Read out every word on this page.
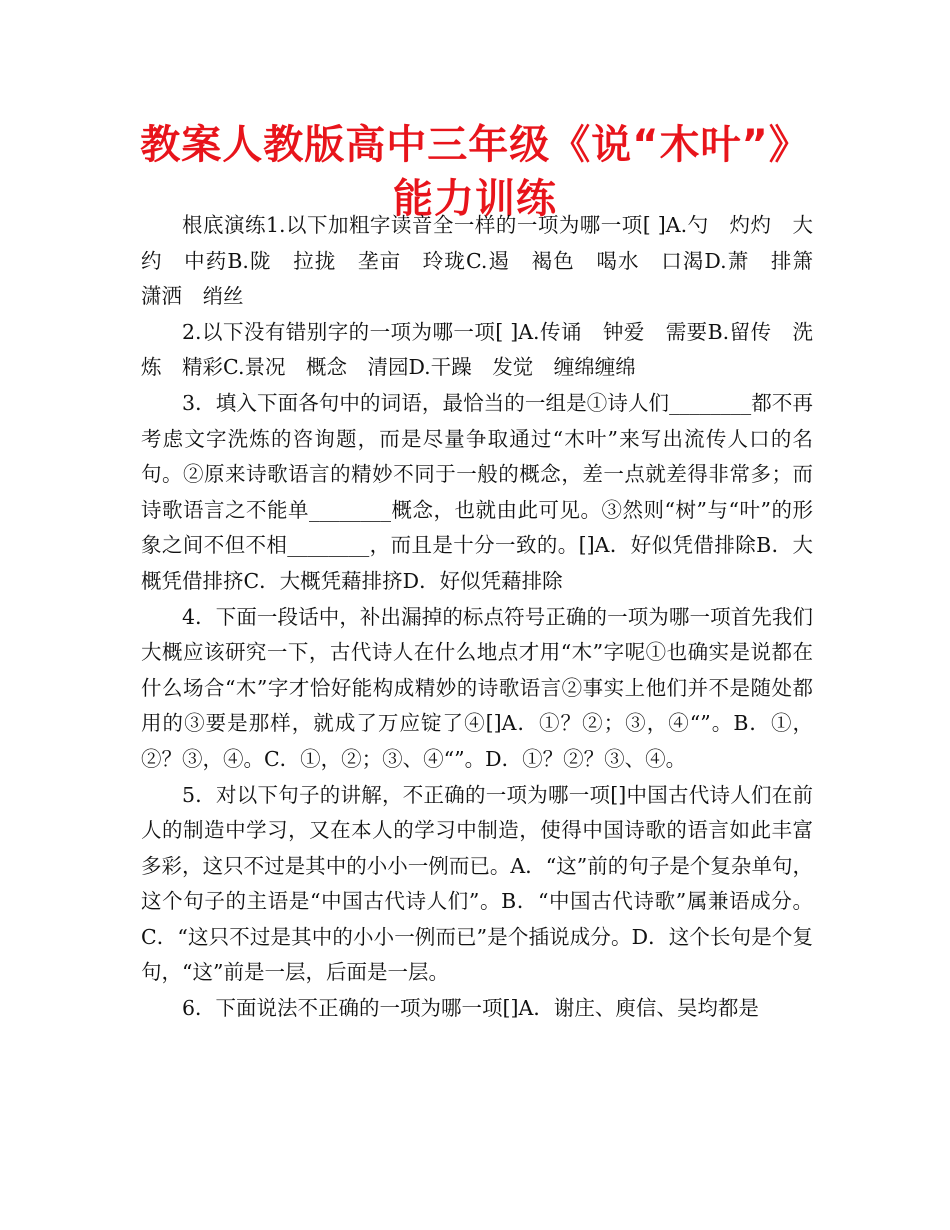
教案人教版高中三年级《说“木叶”》能力训练

根底演练1.以下加粗字读音全一样的一项为哪一项[ ]A.勺　灼灼　大约　中药B.陇　拉拢　垄亩　玲珑C.遏　褐色　喝水　口渴D.萧　排箫　潇洒　绡丝

2.以下没有错别字的一项为哪一项[ ]A.传诵　钟爱　需要B.留传　洗炼　精彩C.景况　概念　清园D.干躁　发觉　缠绵缠绵

3．填入下面各句中的词语，最恰当的一组是①诗人们________都不再考虑文字洗炼的咨询题，而是尽量争取通过“木叶”来写出流传人口的名句。②原来诗歌语言的精妙不同于一般的概念，差一点就差得非常多；而诗歌语言之不能单________概念，也就由此可见。③然则“树”与“叶”的形象之间不但不相________，而且是十分一致的。[]A．好似凭借排除B．大概凭借排挤C．大概凭藉排挤D．好似凭藉排除

4．下面一段话中，补出漏掉的标点符号正确的一项为哪一项首先我们大概应该研究一下，古代诗人在什么地点才用“木”字呢①也确实是说都在什么场合“木”字才恰好能构成精妙的诗歌语言②事实上他们并不是随处都用的③要是那样，就成了万应锭了④[]A．①？②；③，④“”。B．①，②？③，④。C．①，②；③、④“”。D．①？②？③、④。

5．对以下句子的讲解，不正确的一项为哪一项[]中国古代诗人们在前人的制造中学习，又在本人的学习中制造，使得中国诗歌的语言如此丰富多彩，这只不过是其中的小小一例而已。A．“这”前的句子是个复杂单句，这个句子的主语是“中国古代诗人们”。B．“中国古代诗歌”属兼语成分。C．“这只不过是其中的小小一例而已”是个插说成分。D．这个长句是个复句，“这”前是一层，后面是一层。

6．下面说法不正确的一项为哪一项[]A．谢庄、庾信、吴均都是
